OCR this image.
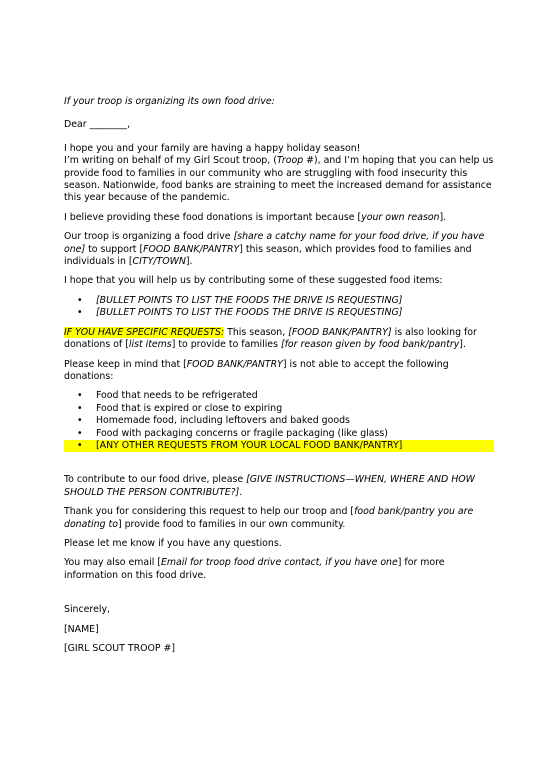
If your troop is organizing its own food drive:

Dear ________,

I hope you and your family are having a happy holiday season!

I’m writing on behalf of my Girl Scout troop, (Troop #), and I’m hoping that you can help us provide food to families in our community who are struggling with food insecurity this season. Nationwide, food banks are straining to meet the increased demand for assistance this year because of the pandemic.

I believe providing these food donations is important because [your own reason].

Our troop is organizing a food drive [share a catchy name for your food drive, if you have one] to support [FOOD BANK/PANTRY] this season, which provides food to families and individuals in [CITY/TOWN].

I hope that you will help us by contributing some of these suggested food items:

• [BULLET POINTS TO LIST THE FOODS THE DRIVE IS REQUESTING]
• [BULLET POINTS TO LIST THE FOODS THE DRIVE IS REQUESTING]

IF YOU HAVE SPECIFIC REQUESTS: This season, [FOOD BANK/PANTRY] is also looking for donations of [list items] to provide to families [for reason given by food bank/pantry].

Please keep in mind that [FOOD BANK/PANTRY] is not able to accept the following donations:

• Food that needs to be refrigerated
• Food that is expired or close to expiring
• Homemade food, including leftovers and baked goods
• Food with packaging concerns or fragile packaging (like glass)
• [ANY OTHER REQUESTS FROM YOUR LOCAL FOOD BANK/PANTRY]

To contribute to our food drive, please [GIVE INSTRUCTIONS—WHEN, WHERE AND HOW SHOULD THE PERSON CONTRIBUTE?].

Thank you for considering this request to help our troop and [food bank/pantry you are donating to] provide food to families in our own community.

Please let me know if you have any questions.

You may also email [Email for troop food drive contact, if you have one] for more information on this food drive.

Sincerely,

[NAME]

[GIRL SCOUT TROOP #]
